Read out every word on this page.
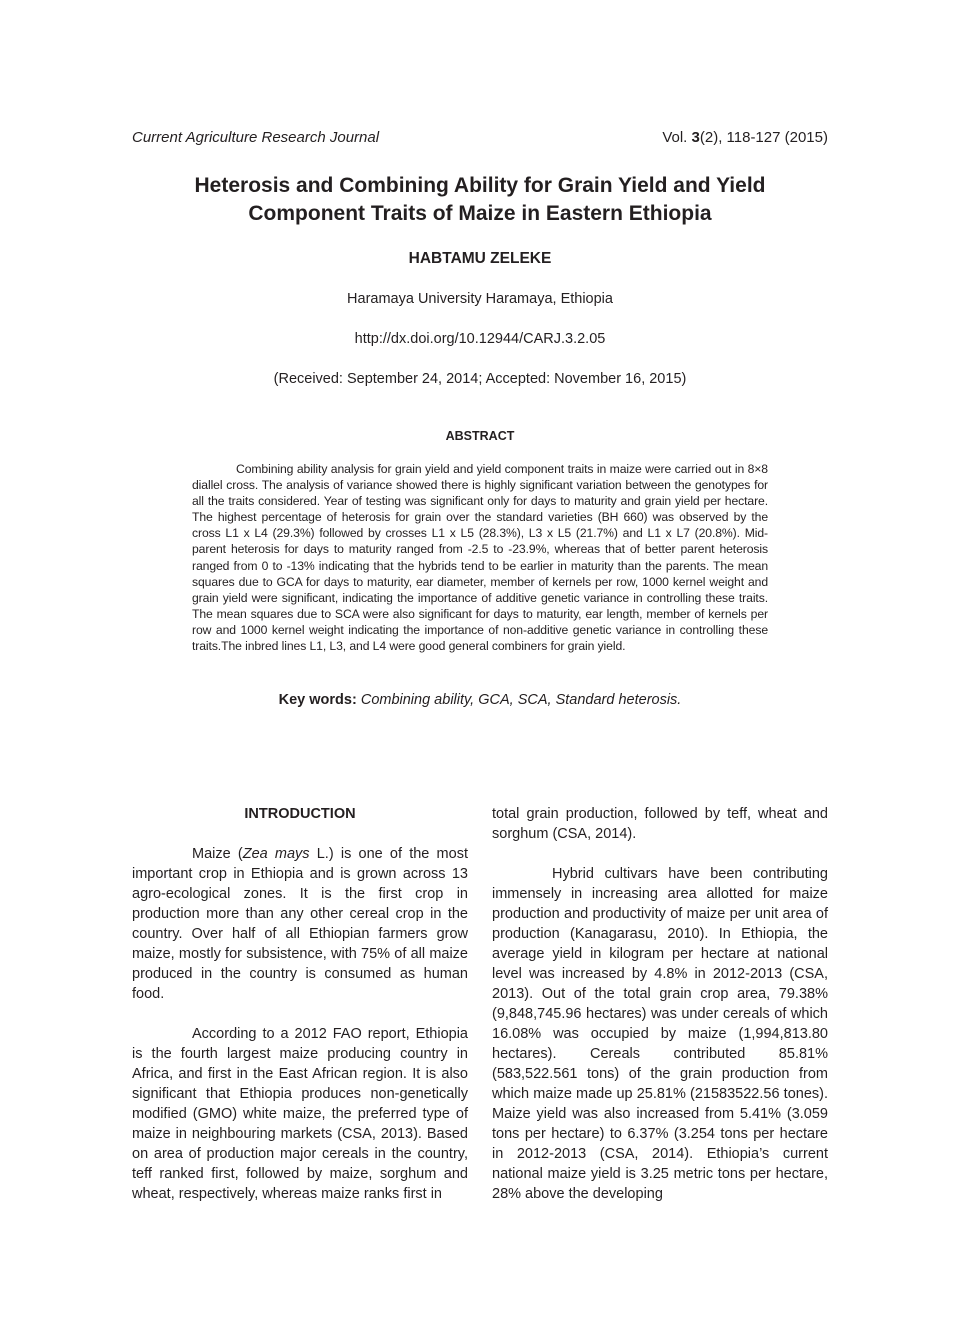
Current Agriculture Research Journal	Vol. 3(2), 118-127 (2015)
Heterosis and Combining Ability for Grain Yield and Yield
Component Traits of Maize in Eastern Ethiopia
HABTAMU ZELEKE
Haramaya University Haramaya, Ethiopia
http://dx.doi.org/10.12944/CARJ.3.2.05
(Received: September 24, 2014; Accepted: November 16, 2015)
ABSTRACT
Combining ability analysis for grain yield and yield component traits in maize were carried out in 8×8 diallel cross. The analysis of variance showed there is highly significant variation between the genotypes for all the traits considered. Year of testing was significant only for days to maturity and grain yield per hectare. The highest percentage of heterosis for grain over the standard varieties (BH 660) was observed by the cross L1 x L4 (29.3%) followed by crosses L1 x L5 (28.3%), L3 x L5 (21.7%) and L1 x L7 (20.8%). Mid-parent heterosis for days to maturity ranged from -2.5 to -23.9%, whereas that of better parent heterosis ranged from 0 to -13% indicating that the hybrids tend to be earlier in maturity than the parents. The mean squares due to GCA for days to maturity, ear diameter, member of kernels per row, 1000 kernel weight and grain yield were significant, indicating the importance of additive genetic variance in controlling these traits. The mean squares due to SCA were also significant for days to maturity, ear length, member of kernels per row and 1000 kernel weight indicating the importance of non-additive genetic variance in controlling these traits.The inbred lines L1, L3, and L4 were good general combiners for grain yield.
Key words: Combining ability, GCA, SCA, Standard heterosis.
INTRODUCTION

Maize (Zea mays L.) is one of the most important crop in Ethiopia and is grown across 13 agro-ecological zones. It is the first crop in production more than any other cereal crop in the country. Over half of all Ethiopian farmers grow maize, mostly for subsistence, with 75% of all maize produced in the country is consumed as human food.

According to a 2012 FAO report, Ethiopia is the fourth largest maize producing country in Africa, and first in the East African region. It is also significant that Ethiopia produces non-genetically modified (GMO) white maize, the preferred type of maize in neighbouring markets (CSA, 2013). Based on area of production major cereals in the country, teff ranked first, followed by maize, sorghum and wheat, respectively, whereas maize ranks first in

total grain production, followed by teff, wheat and sorghum (CSA, 2014).

Hybrid cultivars have been contributing immensely in increasing area allotted for maize production and productivity of maize per unit area of production (Kanagarasu, 2010). In Ethiopia, the average yield in kilogram per hectare at national level was increased by 4.8% in 2012-2013 (CSA, 2013). Out of the total grain crop area, 79.38% (9,848,745.96 hectares) was under cereals of which 16.08% was occupied by maize (1,994,813.80 hectares). Cereals contributed 85.81% (583,522.561 tons) of the grain production from which maize made up 25.81% (21583522.56 tones). Maize yield was also increased from 5.41% (3.059 tons per hectare) to 6.37% (3.254 tons per hectare in 2012-2013 (CSA, 2014). Ethiopia’s current national maize yield is 3.25 metric tons per hectare, 28% above the developing
